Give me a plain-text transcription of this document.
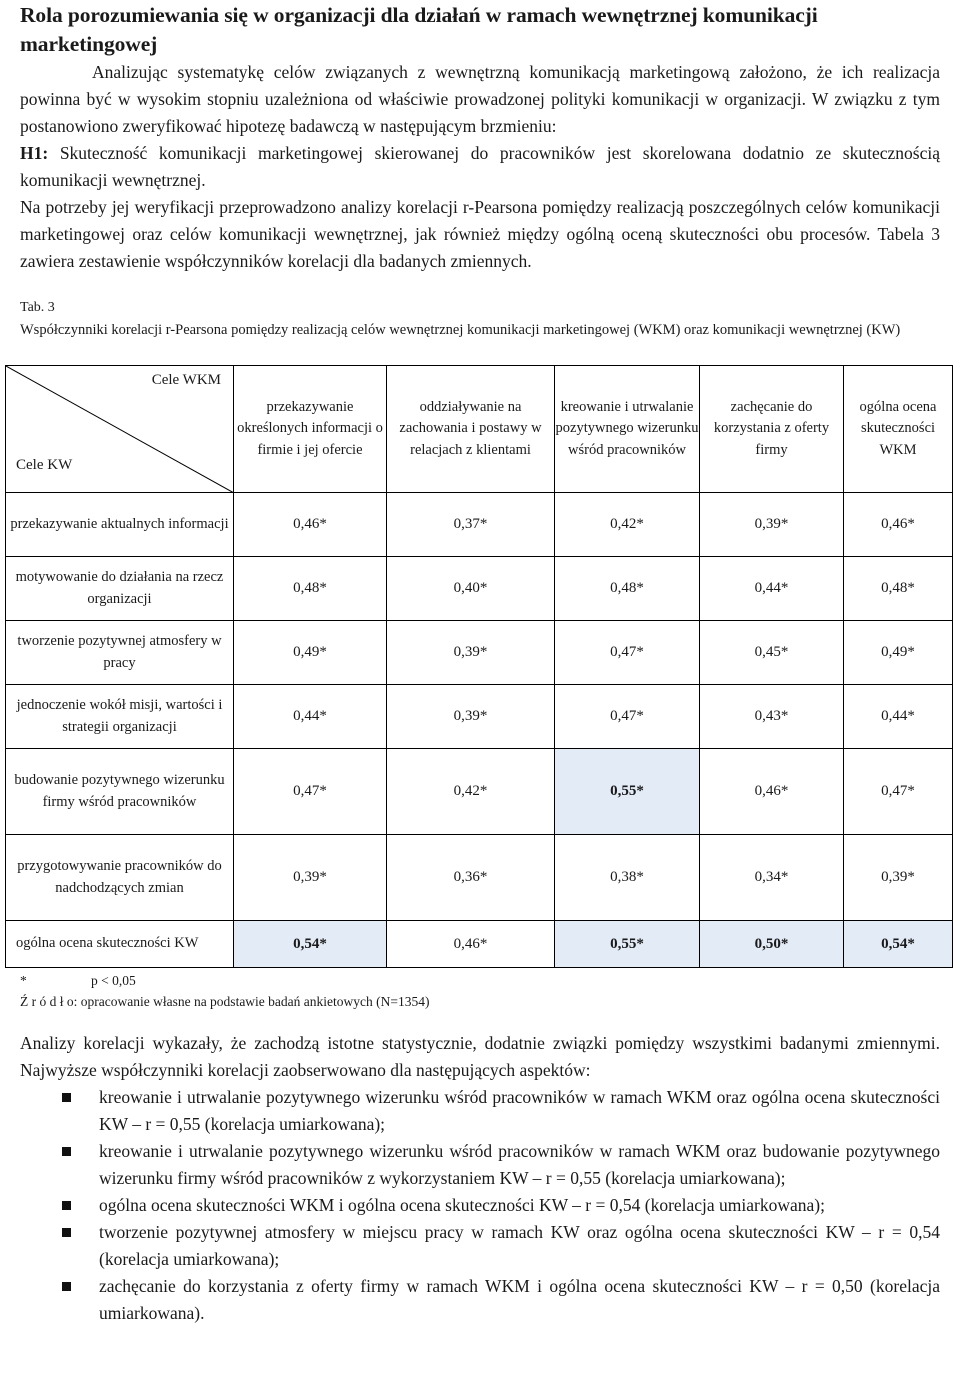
Rola porozumiewania się w organizacji dla działań w ramach wewnętrznej komunikacji marketingowej

Analizując systematykę celów związanych z wewnętrzną komunikacją marketingową założono, że ich realizacja powinna być w wysokim stopniu uzależniona od właściwie prowadzonej polityki komunikacji w organizacji. W związku z tym postanowiono zweryfikować hipotezę badawczą w następującym brzmieniu:

H1: Skuteczność komunikacji marketingowej skierowanej do pracowników jest skorelowana dodatnio ze skutecznością komunikacji wewnętrznej.

Na potrzeby jej weryfikacji przeprowadzono analizy korelacji r-Pearsona pomiędzy realizacją poszczególnych celów komunikacji marketingowej oraz celów komunikacji wewnętrznej, jak również między ogólną oceną skuteczności obu procesów. Tabela 3 zawiera zestawienie współczynników korelacji dla badanych zmiennych.

Tab. 3

Współczynniki korelacji r-Pearsona pomiędzy realizacją celów wewnętrznej komunikacji marketingowej (WKM) oraz komunikacji wewnętrznej (KW)

Cele WKM
Cele KW	przekazywanie określonych informacji o firmie i jej ofercie	oddziaływanie na zachowania i postawy w relacjach z klientami	kreowanie i utrwalanie pozytywnego wizerunku wśród pracowników	zachęcanie do korzystania z oferty firmy	ogólna ocena skuteczności WKM
przekazywanie aktualnych informacji	0,46*	0,37*	0,42*	0,39*	0,46*
motywowanie do działania na rzecz organizacji	0,48*	0,40*	0,48*	0,44*	0,48*
tworzenie pozytywnej atmosfery w pracy	0,49*	0,39*	0,47*	0,45*	0,49*
jednoczenie wokół misji, wartości i strategii organizacji	0,44*	0,39*	0,47*	0,43*	0,44*
budowanie pozytywnego wizerunku firmy wśród pracowników	0,47*	0,42*	0,55*	0,46*	0,47*
przygotowywanie pracowników do nadchodzących zmian	0,39*	0,36*	0,38*	0,34*	0,39*
ogólna ocena skuteczności KW	0,54*	0,46*	0,55*	0,50*	0,54*
*	p < 0,05
Ź r ó d ł o: opracowanie własne na podstawie badań ankietowych (N=1354)

Analizy korelacji wykazały, że zachodzą istotne statystycznie, dodatnie związki pomiędzy wszystkimi badanymi zmiennymi. Najwyższe współczynniki korelacji zaobserwowano dla następujących aspektów:

kreowanie i utrwalanie pozytywnego wizerunku wśród pracowników w ramach WKM oraz ogólna ocena skuteczności KW – r = 0,55 (korelacja umiarkowana);
kreowanie i utrwalanie pozytywnego wizerunku wśród pracowników w ramach WKM oraz budowanie pozytywnego wizerunku firmy wśród pracowników z wykorzystaniem KW – r = 0,55 (korelacja umiarkowana);
ogólna ocena skuteczności WKM i ogólna ocena skuteczności KW – r = 0,54 (korelacja umiarkowana);
tworzenie pozytywnej atmosfery w miejscu pracy w ramach KW oraz ogólna ocena skuteczności KW – r = 0,54 (korelacja umiarkowana);
zachęcanie do korzystania z oferty firmy w ramach WKM i ogólna ocena skuteczności KW – r = 0,50 (korelacja umiarkowana).
